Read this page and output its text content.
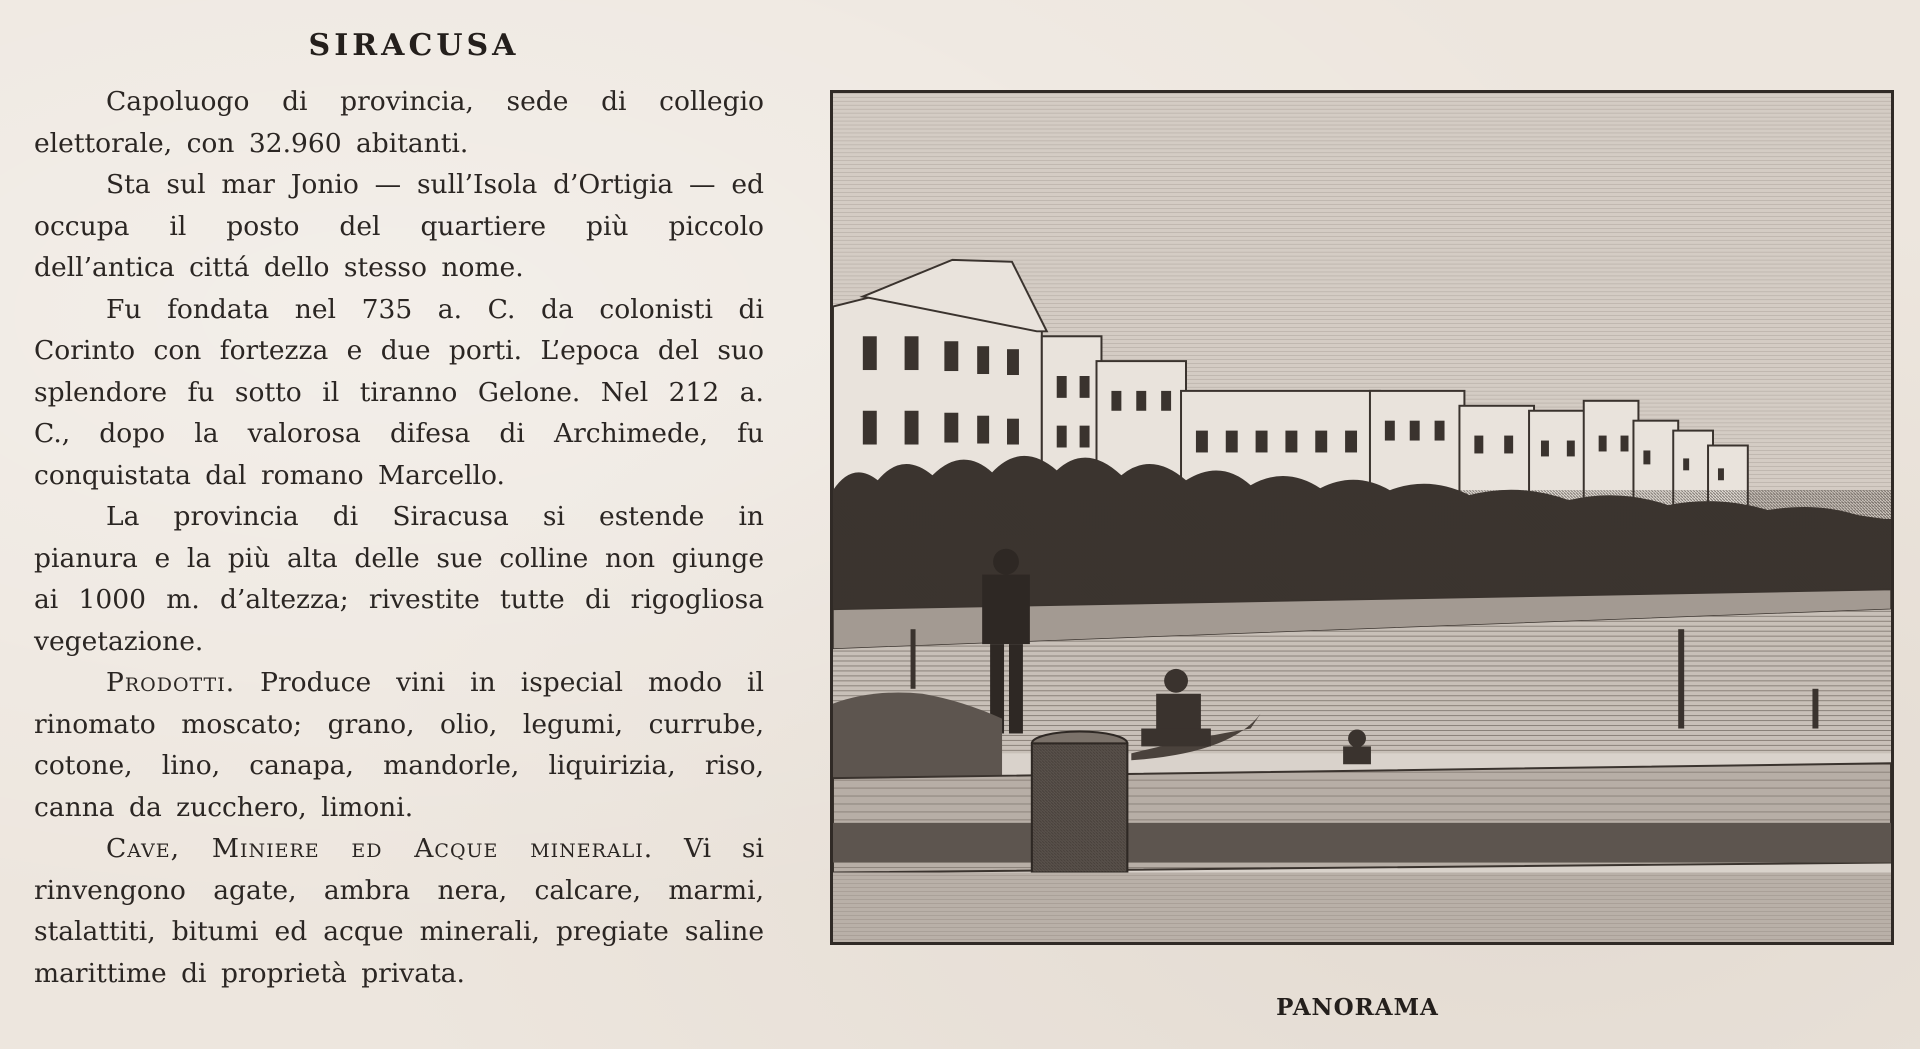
SIRACUSA

Capoluogo di provincia, sede di collegio elettorale, con 32.960 abitanti.

Sta sul mar Jonio — sull’Isola d’Ortigia — ed occupa il posto del quartiere più piccolo dell’antica cittá dello stesso nome.

Fu fondata nel 735 a. C. da colonisti di Corinto con fortezza e due porti. L’epoca del suo splendore fu sotto il tiranno Gelone. Nel 212 a. C., dopo la valorosa difesa di Archimede, fu conquistata dal romano Marcello.

La provincia di Siracusa si estende in pianura e la più alta delle sue colline non giunge ai 1000 m. d’altezza; rivestite tutte di rigogliosa vegetazione.

Prodotti. Produce vini in ispecial modo il rinomato moscato; grano, olio, legumi, currube, cotone, lino, canapa, mandorle, liquirizia, riso, canna da zucchero, limoni.

Cave, Miniere ed Acque minerali. Vi si rinvengono agate, ambra nera, calcare, marmi, stalattiti, bitumi ed acque minerali, pregiate saline marittime di proprietà privata.

PANORAMA
